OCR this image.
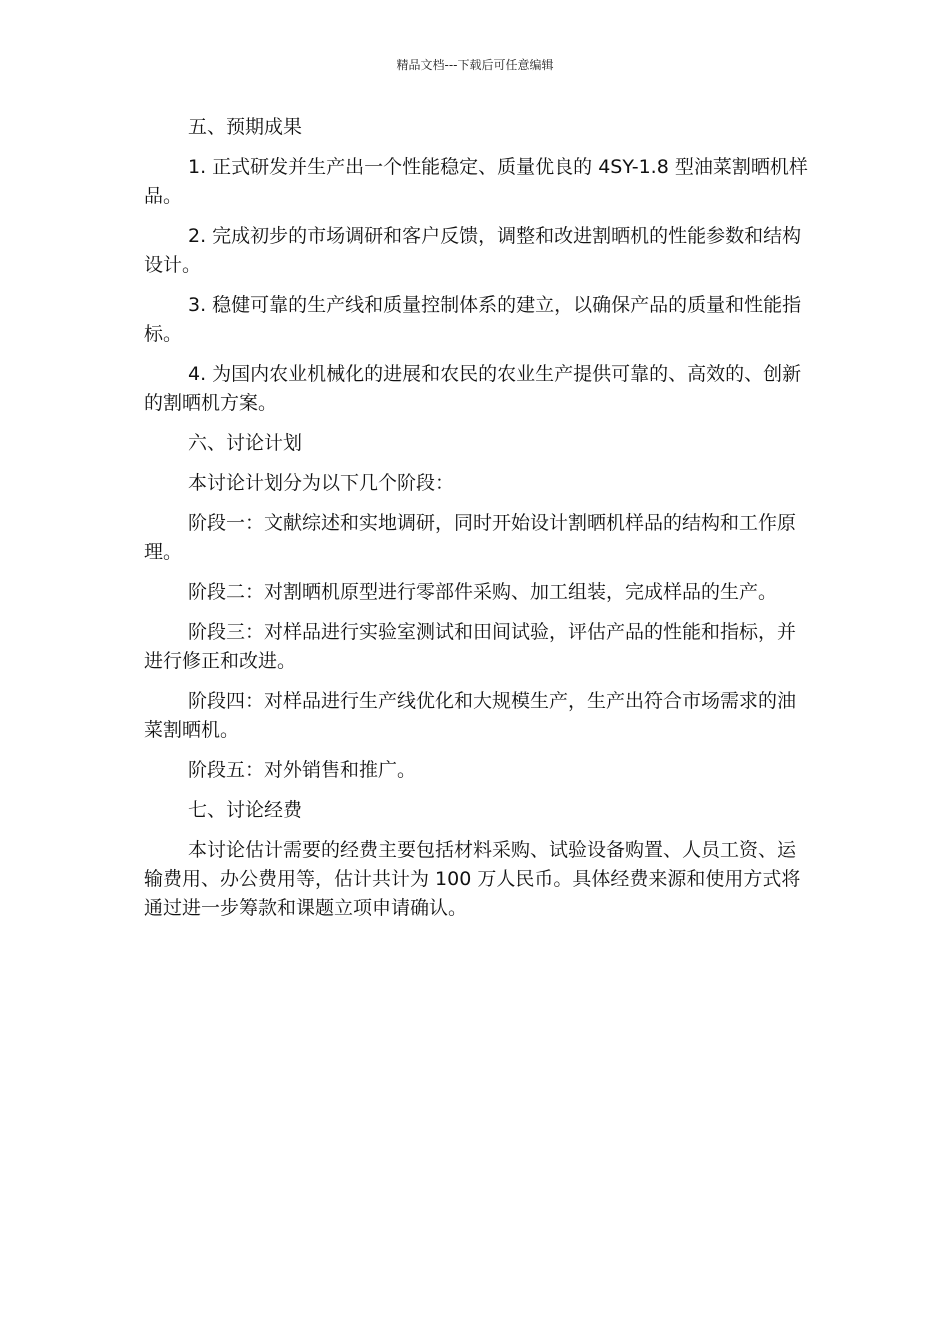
精品文档---下载后可任意编辑

五、预期成果

1. 正式研发并生产出一个性能稳定、质量优良的 4SY-1.8 型油菜割晒机样品。

2. 完成初步的市场调研和客户反馈，调整和改进割晒机的性能参数和结构设计。

3. 稳健可靠的生产线和质量控制体系的建立，以确保产品的质量和性能指标。

4. 为国内农业机械化的进展和农民的农业生产提供可靠的、高效的、创新的割晒机方案。

六、讨论计划

本讨论计划分为以下几个阶段：

阶段一：文献综述和实地调研，同时开始设计割晒机样品的结构和工作原理。

阶段二：对割晒机原型进行零部件采购、加工组装，完成样品的生产。

阶段三：对样品进行实验室测试和田间试验，评估产品的性能和指标，并进行修正和改进。

阶段四：对样品进行生产线优化和大规模生产，生产出符合市场需求的油菜割晒机。

阶段五：对外销售和推广。

七、讨论经费

本讨论估计需要的经费主要包括材料采购、试验设备购置、人员工资、运输费用、办公费用等，估计共计为 100 万人民币。具体经费来源和使用方式将通过进一步筹款和课题立项申请确认。
